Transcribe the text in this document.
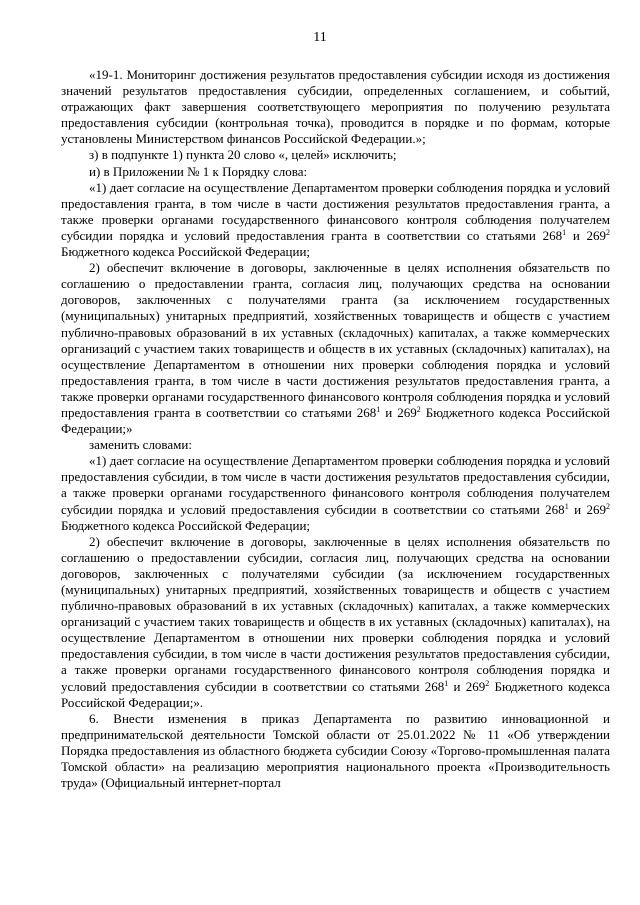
11

«19-1. Мониторинг достижения результатов предоставления субсидии исходя из достижения значений результатов предоставления субсидии, определенных соглашением, и событий, отражающих факт завершения соответствующего мероприятия по получению результата предоставления субсидии (контрольная точка), проводится в порядке и по формам, которые установлены Министерством финансов Российской Федерации.»;

з) в подпункте 1) пункта 20 слово «, целей» исключить;

и) в Приложении № 1 к Порядку слова:

«1) дает согласие на осуществление Департаментом проверки соблюдения порядка и условий предоставления гранта, в том числе в части достижения результатов предоставления гранта, а также проверки органами государственного финансового контроля соблюдения получателем субсидии порядка и условий предоставления гранта в соответствии со статьями $268^1$ и $269^2$ Бюджетного кодекса Российской Федерации;

2) обеспечит включение в договоры, заключенные в целях исполнения обязательств по соглашению о предоставлении гранта, согласия лиц, получающих средства на основании договоров, заключенных с получателями гранта (за исключением государственных (муниципальных) унитарных предприятий, хозяйственных товариществ и обществ с участием публично-правовых образований в их уставных (складочных) капиталах, а также коммерческих организаций с участием таких товариществ и обществ в их уставных (складочных) капиталах), на осуществление Департаментом в отношении них проверки соблюдения порядка и условий предоставления гранта, в том числе в части достижения результатов предоставления гранта, а также проверки органами государственного финансового контроля соблюдения порядка и условий предоставления гранта в соответствии со статьями $268^1$ и $269^2$ Бюджетного кодекса Российской Федерации;»

заменить словами:

«1) дает согласие на осуществление Департаментом проверки соблюдения порядка и условий предоставления субсидии, в том числе в части достижения результатов предоставления субсидии, а также проверки органами государственного финансового контроля соблюдения получателем субсидии порядка и условий предоставления субсидии в соответствии со статьями $268^1$ и $269^2$ Бюджетного кодекса Российской Федерации;

2) обеспечит включение в договоры, заключенные в целях исполнения обязательств по соглашению о предоставлении субсидии, согласия лиц, получающих средства на основании договоров, заключенных с получателями субсидии (за исключением государственных (муниципальных) унитарных предприятий, хозяйственных товариществ и обществ с участием публично-правовых образований в их уставных (складочных) капиталах, а также коммерческих организаций с участием таких товариществ и обществ в их уставных (складочных) капиталах), на осуществление Департаментом в отношении них проверки соблюдения порядка и условий предоставления субсидии, в том числе в части достижения результатов предоставления субсидии, а также проверки органами государственного финансового контроля соблюдения порядка и условий предоставления субсидии в соответствии со статьями $268^1$ и $269^2$ Бюджетного кодекса Российской Федерации;».

6. Внести изменения в приказ Департамента по развитию инновационной и предпринимательской деятельности Томской области от 25.01.2022 № 11 «Об утверждении Порядка предоставления из областного бюджета субсидии Союзу «Торгово-промышленная палата Томской области» на реализацию мероприятия национального проекта «Производительность труда» (Официальный интернет-портал
